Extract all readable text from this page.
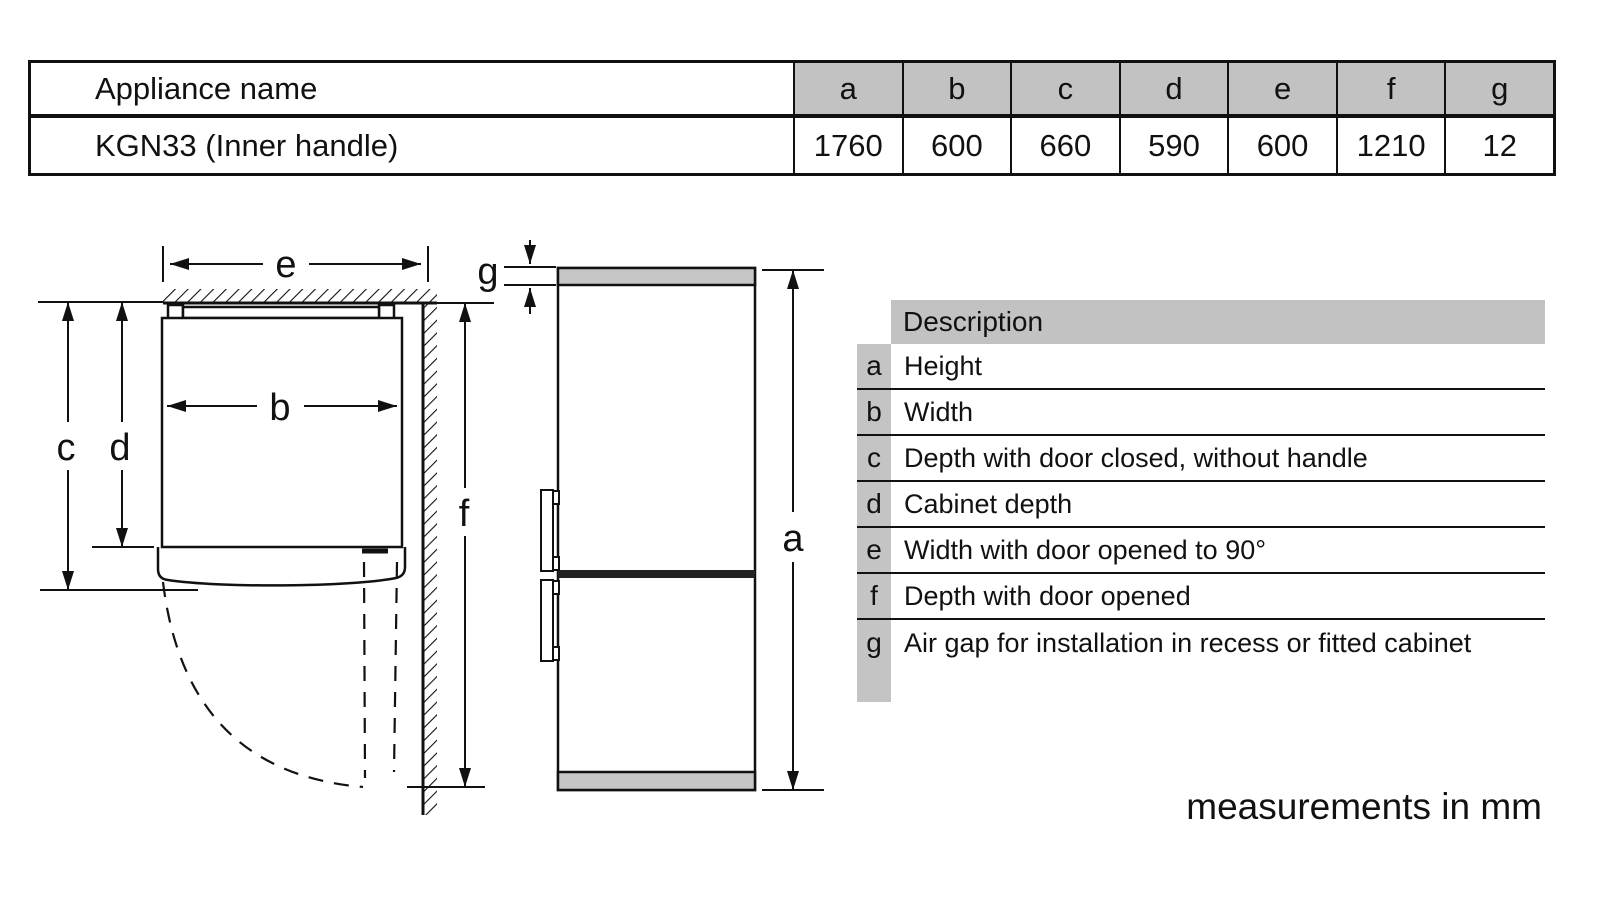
Appliance name	a	b	c	d	e	f	g
KGN33 (Inner handle)	1760	600	660	590	600	1210	12
e
b
c d
f
g
a
Description
a Height
b Width
c Depth with door closed, without handle
d Cabinet depth
e Width with door opened to 90°
f Depth with door opened
g Air gap for installation in recess or fitted cabinet
measurements in mm
